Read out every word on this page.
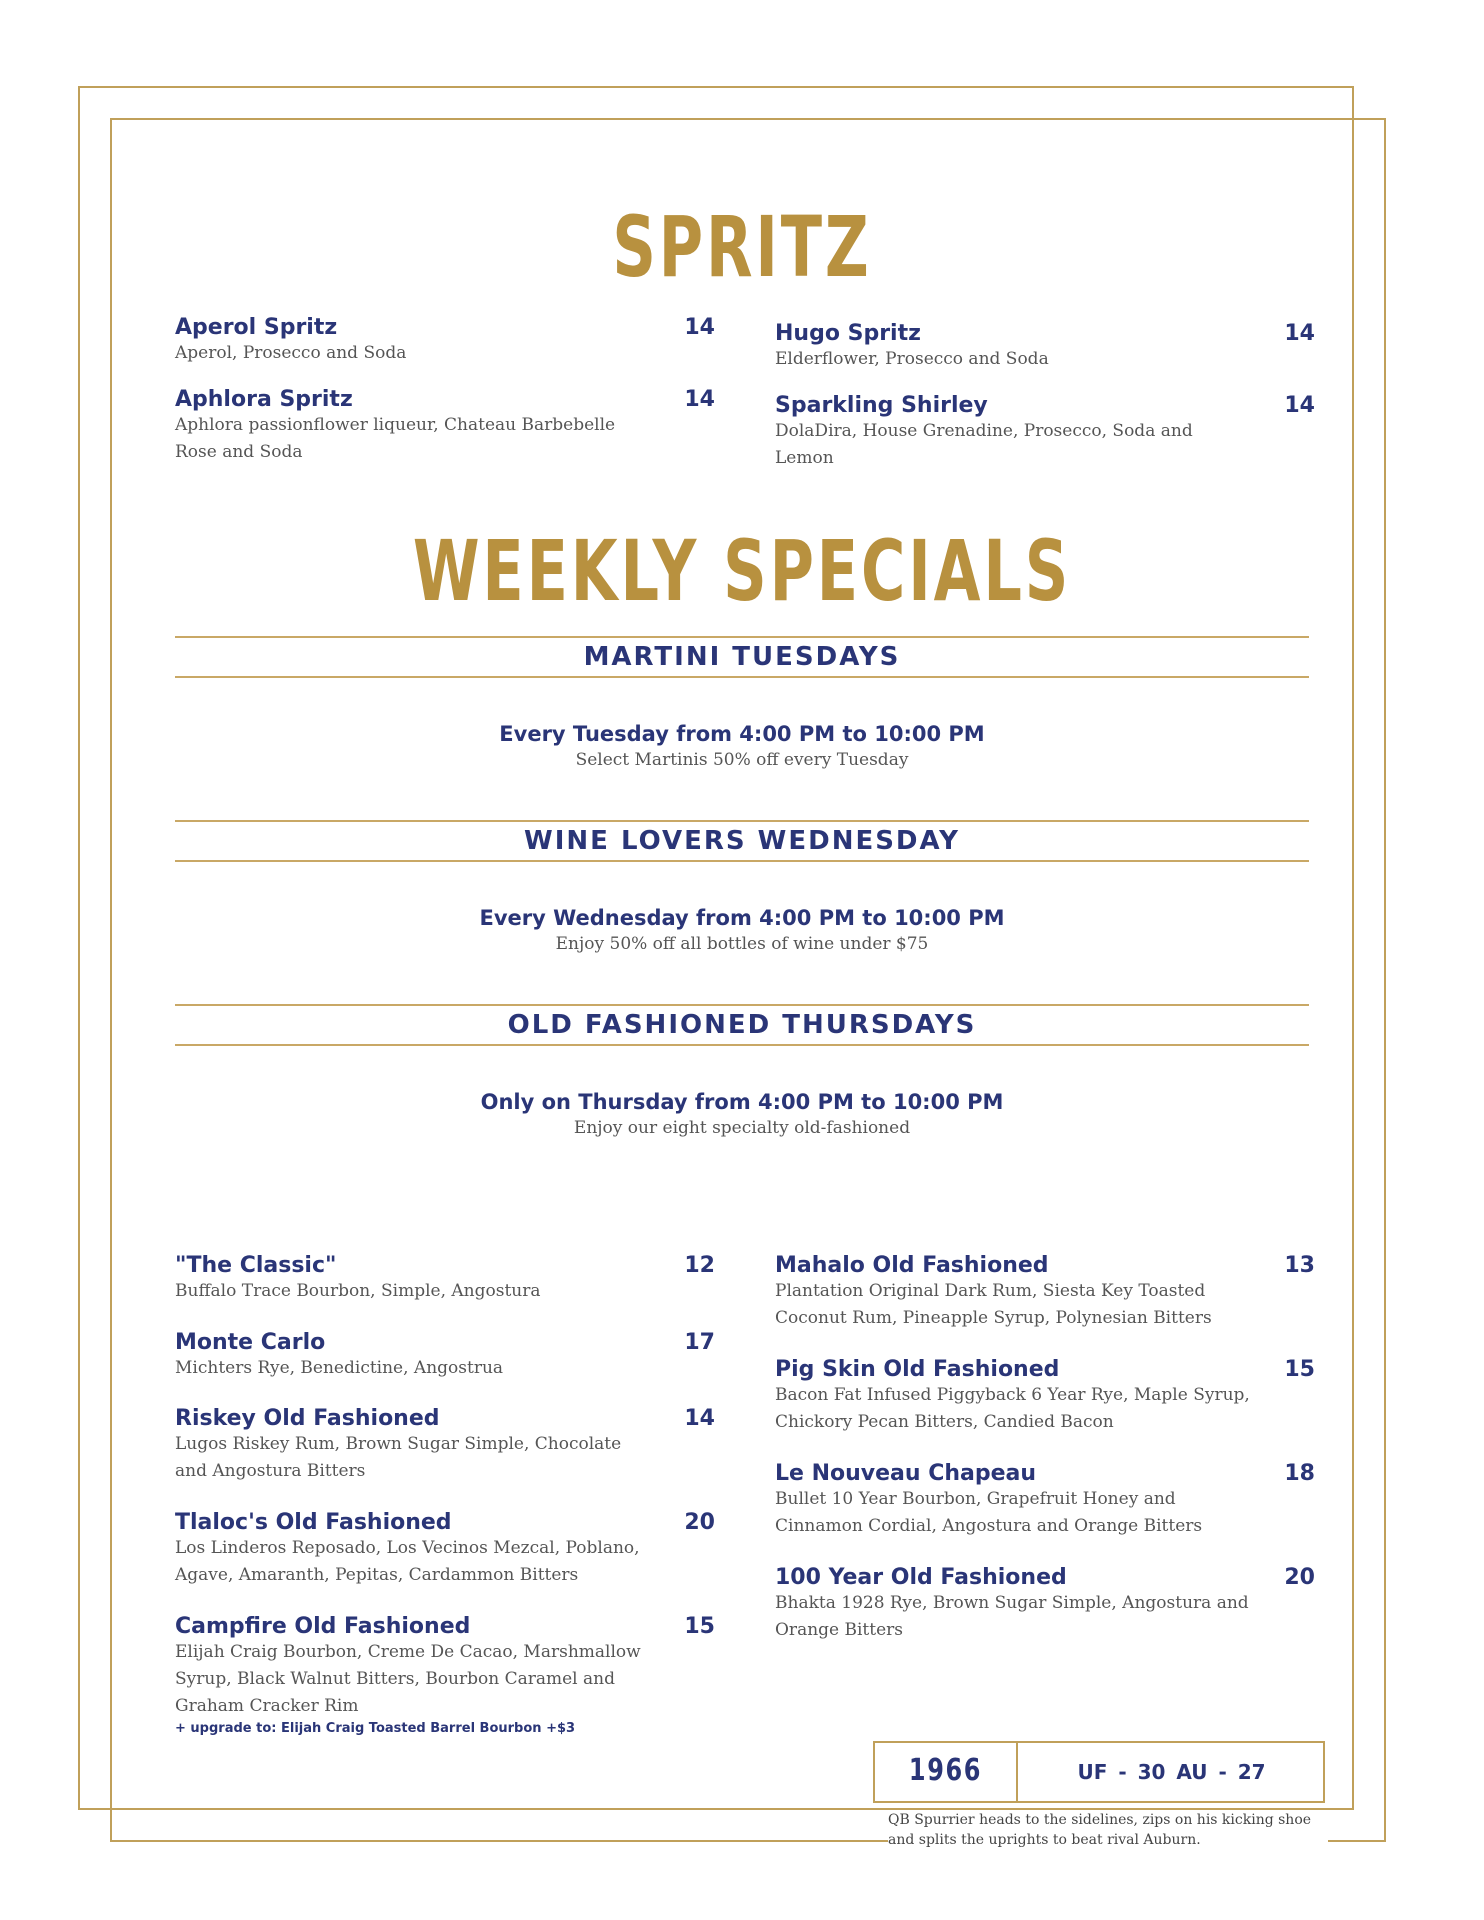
SPRITZ
Aperol Spritz	14
Aperol, Prosecco and Soda
Aphlora Spritz	14
Aphlora passionflower liqueur, Chateau Barbebelle Rose and Soda
Hugo Spritz	14
Elderflower, Prosecco and Soda
Sparkling Shirley	14
DolaDira, House Grenadine, Prosecco, Soda and Lemon
WEEKLY SPECIALS
MARTINI TUESDAYS
Every Tuesday from 4:00 PM to 10:00 PM
Select Martinis 50% off every Tuesday
WINE LOVERS WEDNESDAY
Every Wednesday from 4:00 PM to 10:00 PM
Enjoy 50% off all bottles of wine under $75
OLD FASHIONED THURSDAYS
Only on Thursday from 4:00 PM to 10:00 PM
Enjoy our eight specialty old-fashioned
"The Classic"	12
Buffalo Trace Bourbon, Simple, Angostura
Monte Carlo	17
Michters Rye, Benedictine, Angostrua
Riskey Old Fashioned	14
Lugos Riskey Rum, Brown Sugar Simple, Chocolate and Angostura Bitters
Tlaloc's Old Fashioned	20
Los Linderos Reposado, Los Vecinos Mezcal, Poblano, Agave, Amaranth, Pepitas, Cardammon Bitters
Campfire Old Fashioned	15
Elijah Craig Bourbon, Creme De Cacao, Marshmallow Syrup, Black Walnut Bitters, Bourbon Caramel and Graham Cracker Rim
+ upgrade to: Elijah Craig Toasted Barrel Bourbon +$3
Mahalo Old Fashioned	13
Plantation Original Dark Rum, Siesta Key Toasted Coconut Rum, Pineapple Syrup, Polynesian Bitters
Pig Skin Old Fashioned	15
Bacon Fat Infused Piggyback 6 Year Rye, Maple Syrup, Chickory Pecan Bitters, Candied Bacon
Le Nouveau Chapeau	18
Bullet 10 Year Bourbon, Grapefruit Honey and Cinnamon Cordial, Angostura and Orange Bitters
100 Year Old Fashioned	20
Bhakta 1928 Rye, Brown Sugar Simple, Angostura and Orange Bitters
1966	UF - 30 AU - 27
QB Spurrier heads to the sidelines, zips on his kicking shoe and splits the uprights to beat rival Auburn.
